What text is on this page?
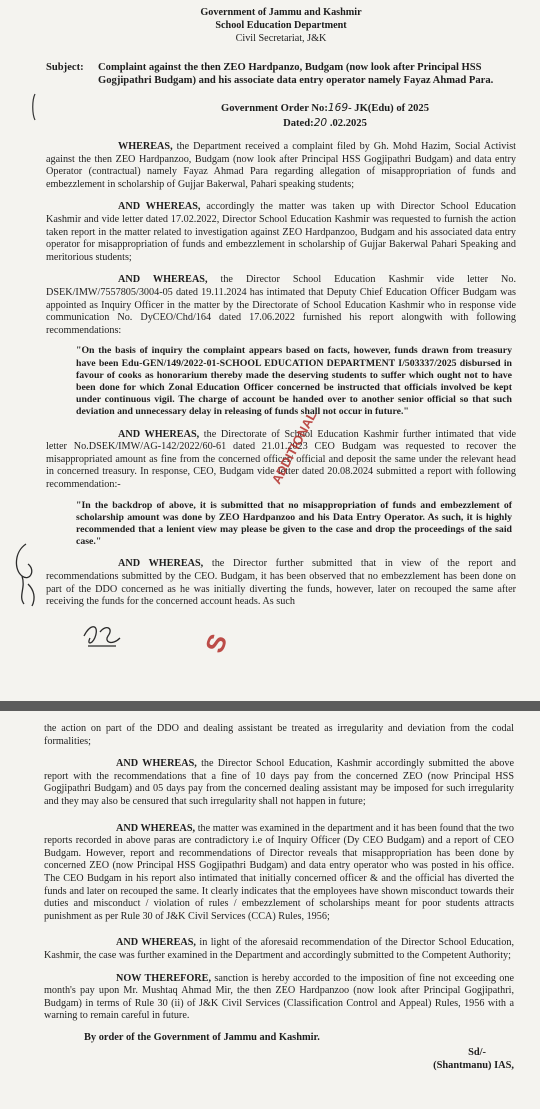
Government of Jammu and Kashmir
School Education Department
Civil Secretariat, J&K
Subject:	Complaint against the then ZEO Hardpanzo, Budgam (now look after Principal HSS Gogjipathri Budgam) and his associate data entry operator namely Fayaz Ahmad Para.
Government Order No:169- JK(Edu) of 2025
Dated:20 .02.2025

WHEREAS, the Department received a complaint filed by Gh. Mohd Hazim, Social Activist against the then ZEO Hardpanzoo, Budgam (now look after Principal HSS Gogjipathri Budgam) and data entry Operator (contractual) namely Fayaz Ahmad Para regarding allegation of misappropriation of funds and embezzlement in scholarship of Gujjar Bakerwal, Pahari speaking students;

AND WHEREAS, accordingly the matter was taken up with Director School Education Kashmir and vide letter dated 17.02.2022, Director School Education Kashmir was requested to furnish the action taken report in the matter related to investigation against ZEO Hardpanzoo, Budgam and his associated data entry operator for misappropriation of funds and embezzlement in scholarship of Gujjar Bakerwal Pahari Speaking and meritorious students;

AND WHEREAS, the Director School Education Kashmir vide letter No. DSEK/IMW/7557805/3004-05 dated 19.11.2024 has intimated that Deputy Chief Education Officer Budgam was appointed as Inquiry Officer in the matter by the Directorate of School Education Kashmir who in response vide communication No. DyCEO/Chd/164 dated 17.06.2022 furnished his report alongwith with following recommendations:

"On the basis of inquiry the complaint appears based on facts, however, funds drawn from treasury have been Edu-GEN/149/2022-01-SCHOOL EDUCATION DEPARTMENT I/503337/2025 disbursed in favour of cooks as honorarium thereby made the deserving students to suffer which ought not to have been done for which Zonal Education Officer concerned be instructed that officials involved be kept under continuous vigil. The charge of account be handed over to another senior official so that such deviation and unnecessary delay in releasing of funds shall not occur in future."

AND WHEREAS, the Directorate of School Education Kashmir further intimated that vide letter No.DSEK/IMW/AG-142/2022/60-61 dated 21.01.2023 CEO Budgam was requested to recover the misappropriated amount as fine from the concerned officer/ official and deposit the same under the relevant head in concerned treasury. In response, CEO, Budgam vide letter dated 20.08.2024 submitted a report with following recommendation:-

"In the backdrop of above, it is submitted that no misappropriation of funds and embezzlement of scholarship amount was done by ZEO Hardpanzoo and his Data Entry Operator. As such, it is highly recommended that a lenient view may please be given to the case and drop the proceedings of the said case."

AND WHEREAS, the Director further submitted that in view of the report and recommendations submitted by the CEO. Budgam, it has been observed that no embezzlement has been done on part of the DDO concerned as he was initially diverting the funds, however, later on recouped the same after receiving the funds for the concerned account heads. As such

ADDITIONAL
S

the action on part of the DDO and dealing assistant be treated as irregularity and deviation from the codal formalities;

AND WHEREAS, the Director School Education, Kashmir accordingly submitted the above report with the recommendations that a fine of 10 days pay from the concerned ZEO (now Principal HSS Gogjipathri Budgam) and 05 days pay from the concerned dealing assistant may be imposed for such irregularity and they may also be censured that such irregularity shall not happen in future;

AND WHEREAS, the matter was examined in the department and it has been found that the two reports recorded in above paras are contradictory i.e of Inquiry Officer (Dy CEO Budgam) and a report of CEO Budgam. However, report and recommendations of Director reveals that misappropriation has been done by concerned ZEO (now Principal HSS Gogjipathri Budgam) and data entry operator who was posted in his office. The CEO Budgam in his report also intimated that initially concerned officer & and the official has diverted the funds and later on recouped the same. It clearly indicates that the employees have shown misconduct towards their duties and misconduct / violation of rules / embezzlement of scholarships meant for poor students attracts punishment as per Rule 30 of J&K Civil Services (CCA) Rules, 1956;

AND WHEREAS, in light of the aforesaid recommendation of the Director School Education, Kashmir, the case was further examined in the Department and accordingly submitted to the Competent Authority;

NOW THEREFORE, sanction is hereby accorded to the imposition of fine not exceeding one month's pay upon Mr. Mushtaq Ahmad Mir, the then ZEO Hardpanzoo (now look after Principal Gogjipathri, Budgam) in terms of Rule 30 (ii) of J&K Civil Services (Classification Control and Appeal) Rules, 1956 with a warning to remain careful in future.

By order of the Government of Jammu and Kashmir.
Sd/-
(Shantmanu) IAS,
